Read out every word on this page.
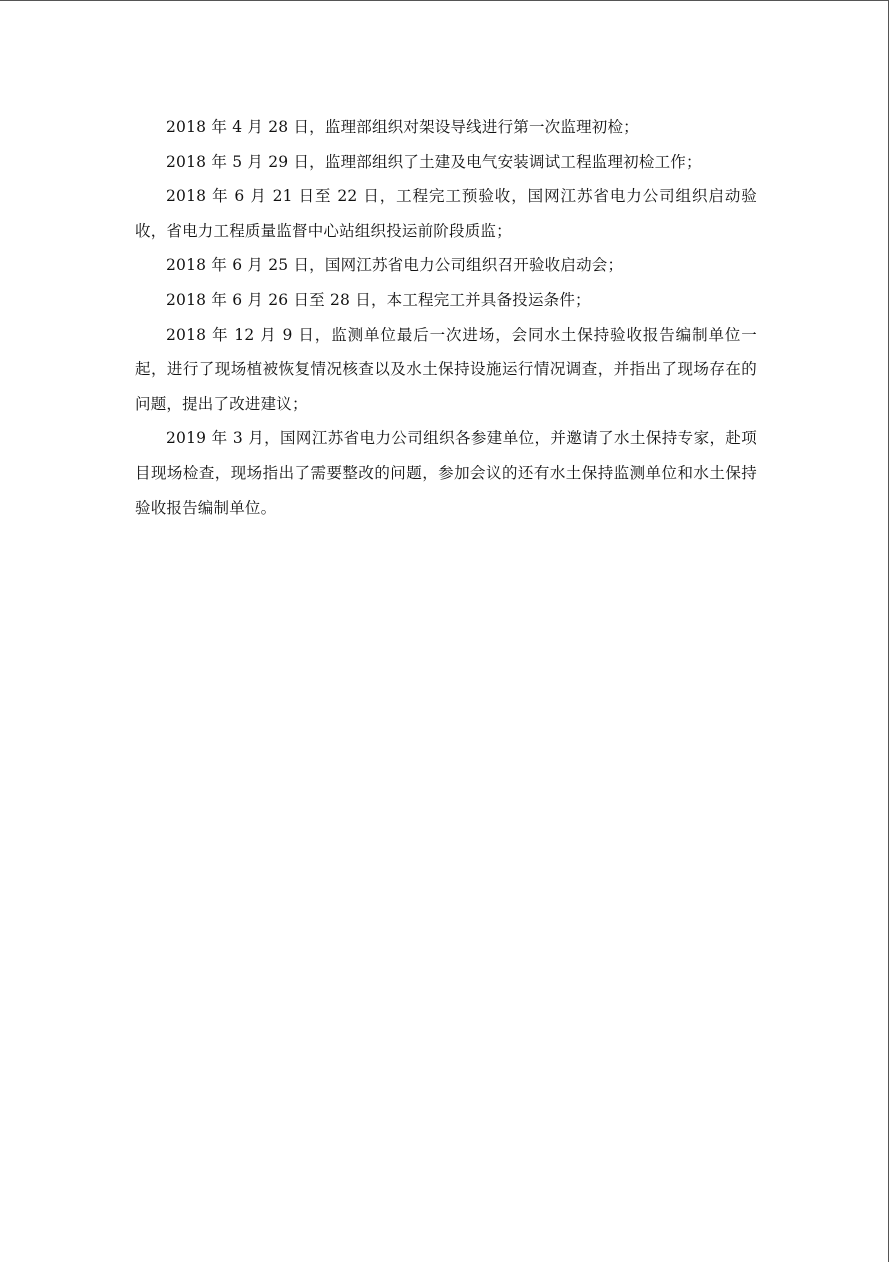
2018 年 4 月 28 日，监理部组织对架设导线进行第一次监理初检；

2018 年 5 月 29 日，监理部组织了土建及电气安装调试工程监理初检工作；

2018 年 6 月 21 日至 22 日，工程完工预验收，国网江苏省电力公司组织启动验收，省电力工程质量监督中心站组织投运前阶段质监；

2018 年 6 月 25 日，国网江苏省电力公司组织召开验收启动会；

2018 年 6 月 26 日至 28 日，本工程完工并具备投运条件；

2018 年 12 月 9 日，监测单位最后一次进场，会同水土保持验收报告编制单位一起，进行了现场植被恢复情况核查以及水土保持设施运行情况调查，并指出了现场存在的问题，提出了改进建议；

2019 年 3 月，国网江苏省电力公司组织各参建单位，并邀请了水土保持专家，赴项目现场检查，现场指出了需要整改的问题，参加会议的还有水土保持监测单位和水土保持验收报告编制单位。
